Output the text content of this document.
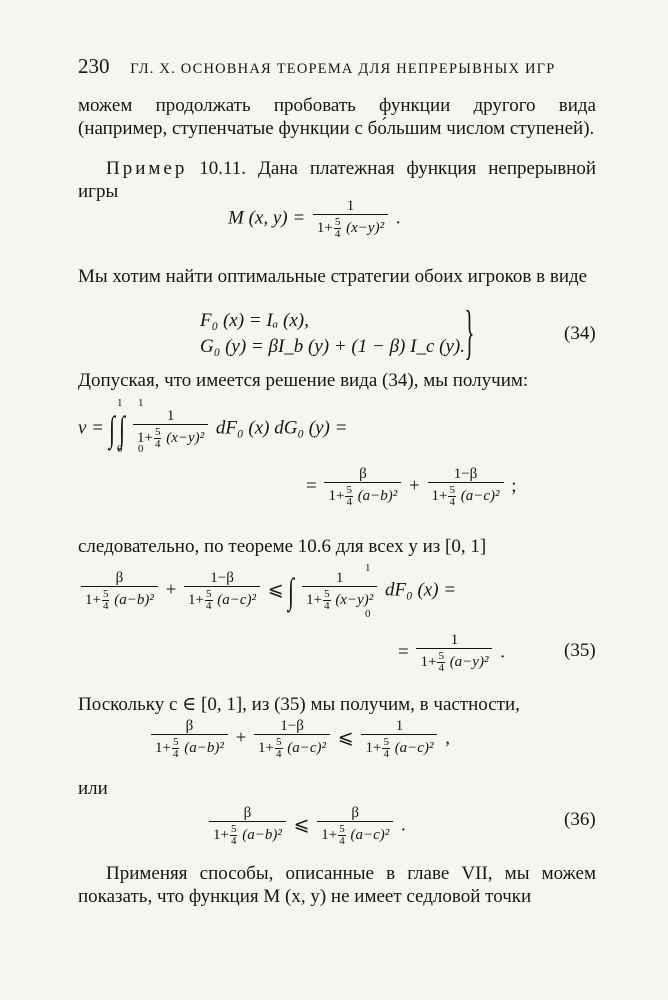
230 ГЛ. X. ОСНОВНАЯ ТЕОРЕМА ДЛЯ НЕПРЕРЫВНЫХ ИГР
можем продолжать пробовать функции другого вида (например, ступенчатые функции с бо́льшим числом ступеней).
Пример 10.11. Дана платежная функция непрерывной игры
M (x, $y) = \frac{1}{1+ \frac{5}{4} (x-y)^2}$ .
Мы хотим найти оптимальные стратегии обоих игроков в виде
F₀ (x) = Iₐ (x),
G₀ (y) = βI_b (y) + (1 − β) I_c (y). }	(34)
Допуская, что имеется решение вида (34), мы получим:
v = ∫ ∫ $\frac{1}{1+ \frac{5}{4} (x-y)^2} dF_0$ (x) dG₀ (y) =
1
0
1
0
= $\frac{\beta}{1+ \frac{5}{4} (a-b)^2} + \frac{1-\beta}{1+ \frac{5}{4} (a-c)^2}$ ;
следовательно, по теореме 10.6 для всех y из [0, 1]
$\frac{\beta}{1+ \frac{5}{4} (a-b)^2} + \frac{1-\beta}{1+ \frac{5}{4} (a-c)^2}$ ⩽ ∫ $\frac{1}{1+ \frac{5}{4} (x-y)^2} dF_0$ (x) =
1
0
= $\frac{1}{1+ \frac{5}{4} (a-y)^2}$ .	(35)
Поскольку c ∈ [0, 1], из (35) мы получим, в частности,
$\frac{\beta}{1+ \frac{5}{4} (a-b)^2} + \frac{1-\beta}{1+ \frac{5}{4} (a-c)^2}$ ⩽ $\frac{1}{1+ \frac{5}{4} (a-c)^2}$ ,
или
$\frac{\beta}{1+ \frac{5}{4} (a-b)^2}$ ⩽ $\frac{\beta}{1+ \frac{5}{4} (a-c)^2}$ .	(36)
Применяя способы, описанные в главе VII, мы можем показать, что функция M (x, y) не имеет седловой точки
